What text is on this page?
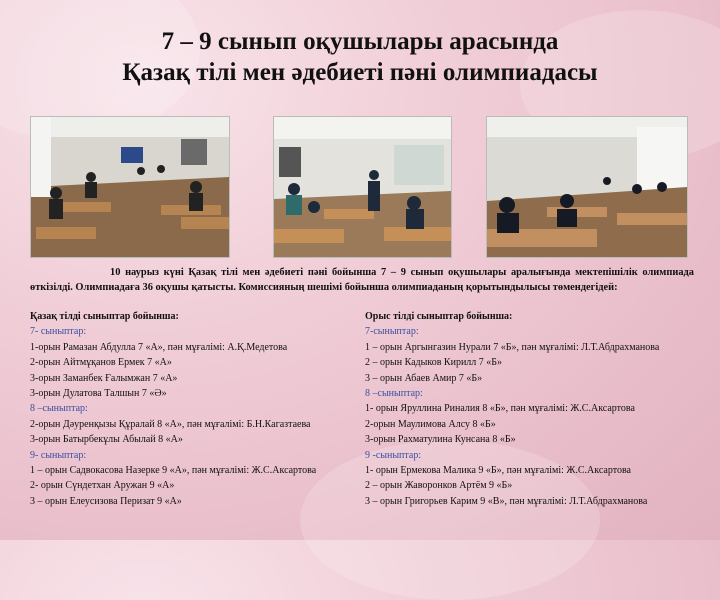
7 – 9 сынып оқушылары арасында
Қазақ тілі мен әдебиеті пәні олимпиадасы
10 наурыз күні Қазақ тілі мен әдебиеті пәні бойынша 7 – 9 сынып оқушылары аралығында мектепішілік олимпиада өткізілді. Олимпиадаға 36 оқушы қатысты. Комиссияның шешімі бойынша олимпиаданың қорытындылысы төмендегідей:
Қазақ тілді сыныптар бойынша:
7- сыныптар:
1-орын Рамазан Абдулла 7 «А», пән мұғалімі: А.Қ.Медетова
2-орын Айтмұқанов Ермек 7 «А»
3-орын Заманбек Ғалымжан 7 «А»
3-орын Дулатова Талшын 7 «Ә»
8 –сыныптар:
2-орын Дәуренқызы Құралай 8 «А», пән мұғалімі: Б.Н.Кагазтаева
3-орын Батырбекұлы Абылай 8 «А»
9- сыныптар:
1 – орын Садвокасова Назерке 9 «А», пән мұғалімі: Ж.С.Аксартова
2- орын Сүндетхан Аружан 9 «А»
3 – орын Елеусизова Перизат 9 «А»
Орыс тілді сыныптар бойынша:
7-сыныптар:
1 – орын Аргынгазин Нурали 7 «Б», пән мұғалімі: Л.Т.Абдрахманова
2 – орын Кадыков Кирилл 7 «Б»
3 – орын Абаев Амир 7 «Б»
8 –сыныптар:
1- орын Яруллина Риналия 8 «Б», пән мұғалімі: Ж.С.Аксартова
2-орын Маулимова Алсу 8 «Б»
3-орын Рахматулина Кунсана 8 «Б»
9 -сыныптар:
1- орын Ермекова Малика 9 «Б», пән мұғалімі: Ж.С.Аксартова
2 – орын Жаворонков Артём 9 «Б»
3 – орын Григорьев Карим 9 «В», пән мұғалімі: Л.Т.Абдрахманова
